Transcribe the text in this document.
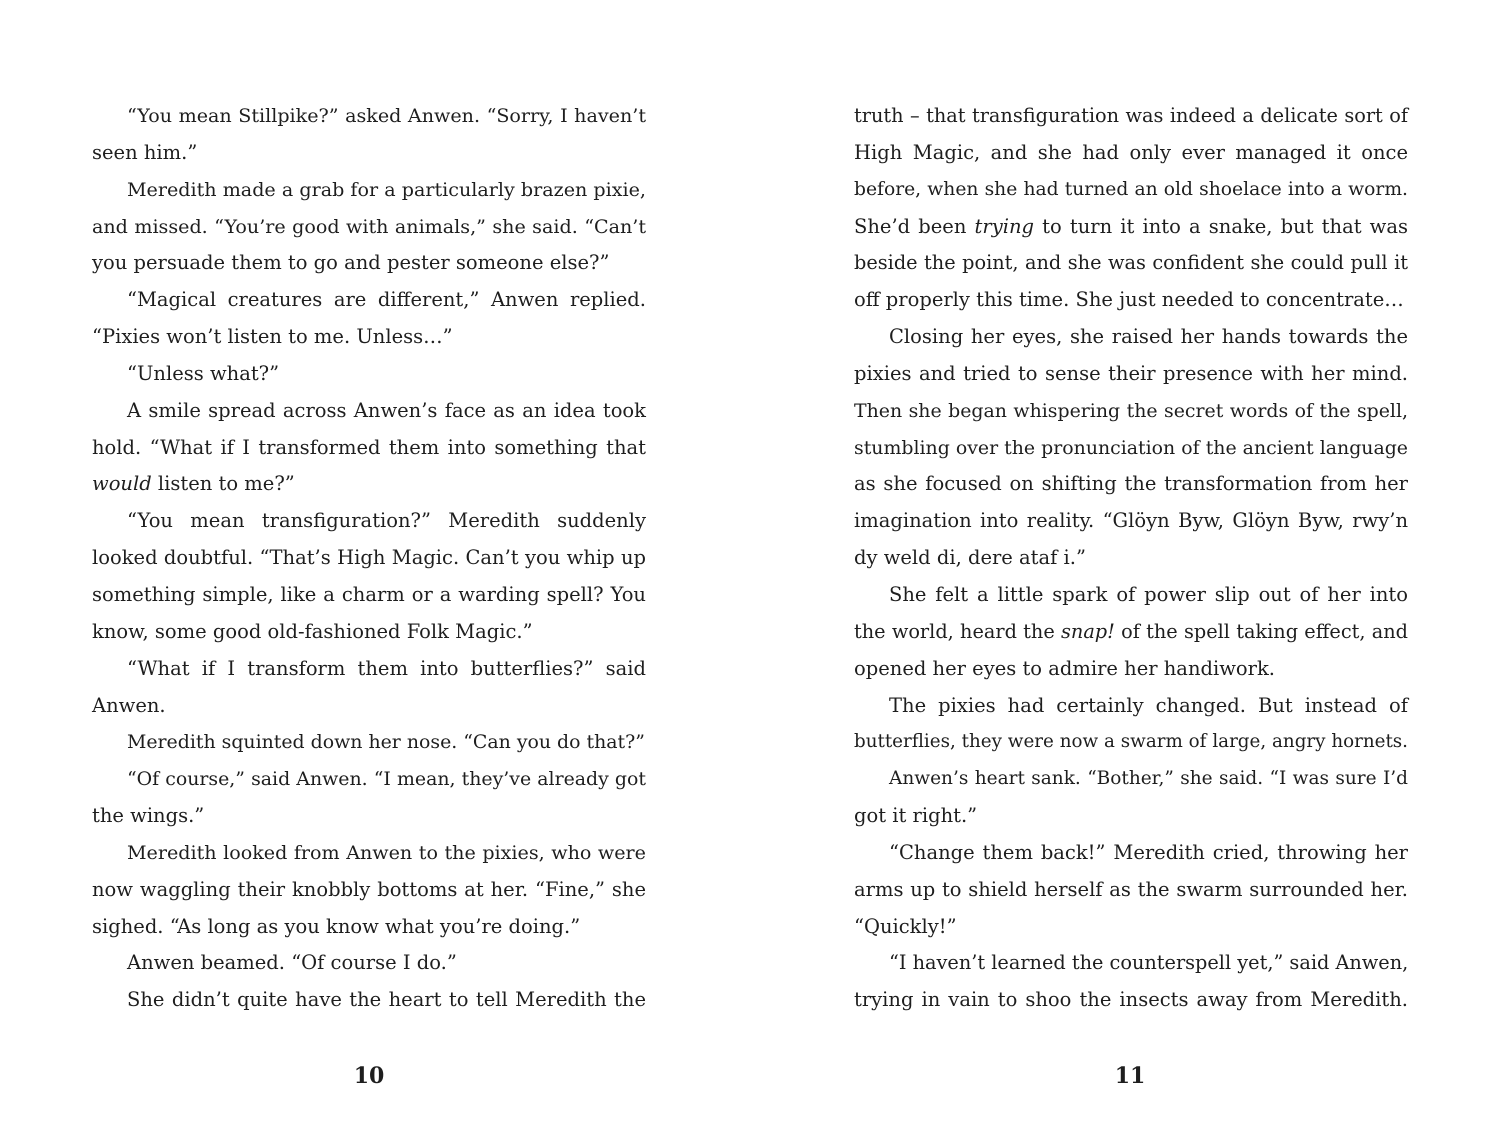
“You mean Stillpike?” asked Anwen. “Sorry, I haven’t
seen him.”
Meredith made a grab for a particularly brazen pixie,
and missed. “You’re good with animals,” she said. “Can’t
you persuade them to go and pester someone else?”
“Magical creatures are different,” Anwen replied.
“Pixies won’t listen to me. Unless…”
“Unless what?”
A smile spread across Anwen’s face as an idea took
hold. “What if I transformed them into something that
would listen to me?”
“You mean transfiguration?” Meredith suddenly
looked doubtful. “That’s High Magic. Can’t you whip up
something simple, like a charm or a warding spell? You
know, some good old-fashioned Folk Magic.”
“What if I transform them into butterflies?” said
Anwen.
Meredith squinted down her nose. “Can you do that?”
“Of course,” said Anwen. “I mean, they’ve already got
the wings.”
Meredith looked from Anwen to the pixies, who were
now waggling their knobbly bottoms at her. “Fine,” she
sighed. “As long as you know what you’re doing.”
Anwen beamed. “Of course I do.”
She didn’t quite have the heart to tell Meredith the
truth – that transfiguration was indeed a delicate sort of
High Magic, and she had only ever managed it once
before, when she had turned an old shoelace into a worm.
She’d been trying to turn it into a snake, but that was
beside the point, and she was confident she could pull it
off properly this time. She just needed to concentrate…
Closing her eyes, she raised her hands towards the
pixies and tried to sense their presence with her mind.
Then she began whispering the secret words of the spell,
stumbling over the pronunciation of the ancient language
as she focused on shifting the transformation from her
imagination into reality. “Glöyn Byw, Glöyn Byw, rwy’n
dy weld di, dere ataf i.”
She felt a little spark of power slip out of her into
the world, heard the snap! of the spell taking effect, and
opened her eyes to admire her handiwork.
The pixies had certainly changed. But instead of
butterflies, they were now a swarm of large, angry hornets.
Anwen’s heart sank. “Bother,” she said. “I was sure I’d
got it right.”
“Change them back!” Meredith cried, throwing her
arms up to shield herself as the swarm surrounded her.
“Quickly!”
“I haven’t learned the counterspell yet,” said Anwen,
trying in vain to shoo the insects away from Meredith.
10	11
